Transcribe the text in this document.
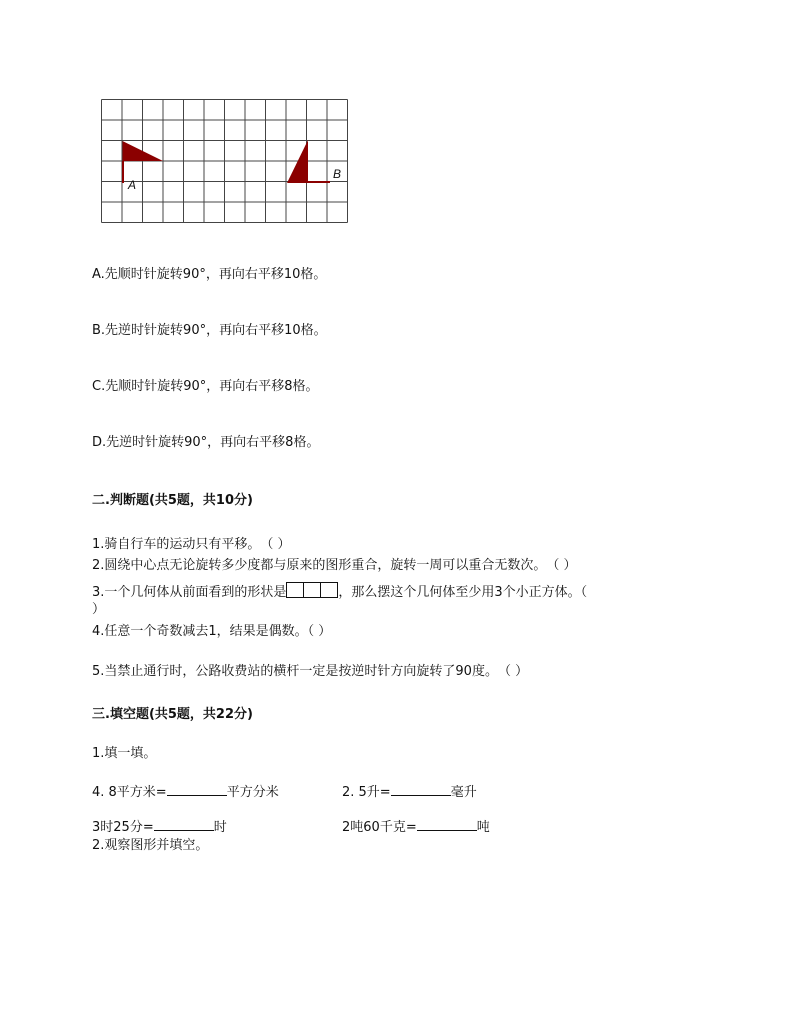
A
B
A.先顺时针旋转90°，再向右平移10格。
B.先逆时针旋转90°，再向右平移10格。
C.先顺时针旋转90°，再向右平移8格。
D.先逆时针旋转90°，再向右平移8格。
二.判断题(共5题，共10分)
1.骑自行车的运动只有平移。　（ ）
2.圆绕中心点无论旋转多少度都与原来的图形重合，旋转一周可以重合无数次。　（ ）
3.一个几何体从前面看到的形状是	，那么摆这个几何体至少用3个小正方体。（
）
4.任意一个奇数减去1，结果是偶数。（ ）
5.当禁止通行时，公路收费站的横杆一定是按逆时针方向旋转了90度。　（ ）
三.填空题(共5题，共22分)
1.填一填。
4. 8平方米=	平方分米	2. 5升=	毫升
3时25分=	时	2吨60千克=	吨
2.观察图形并填空。
